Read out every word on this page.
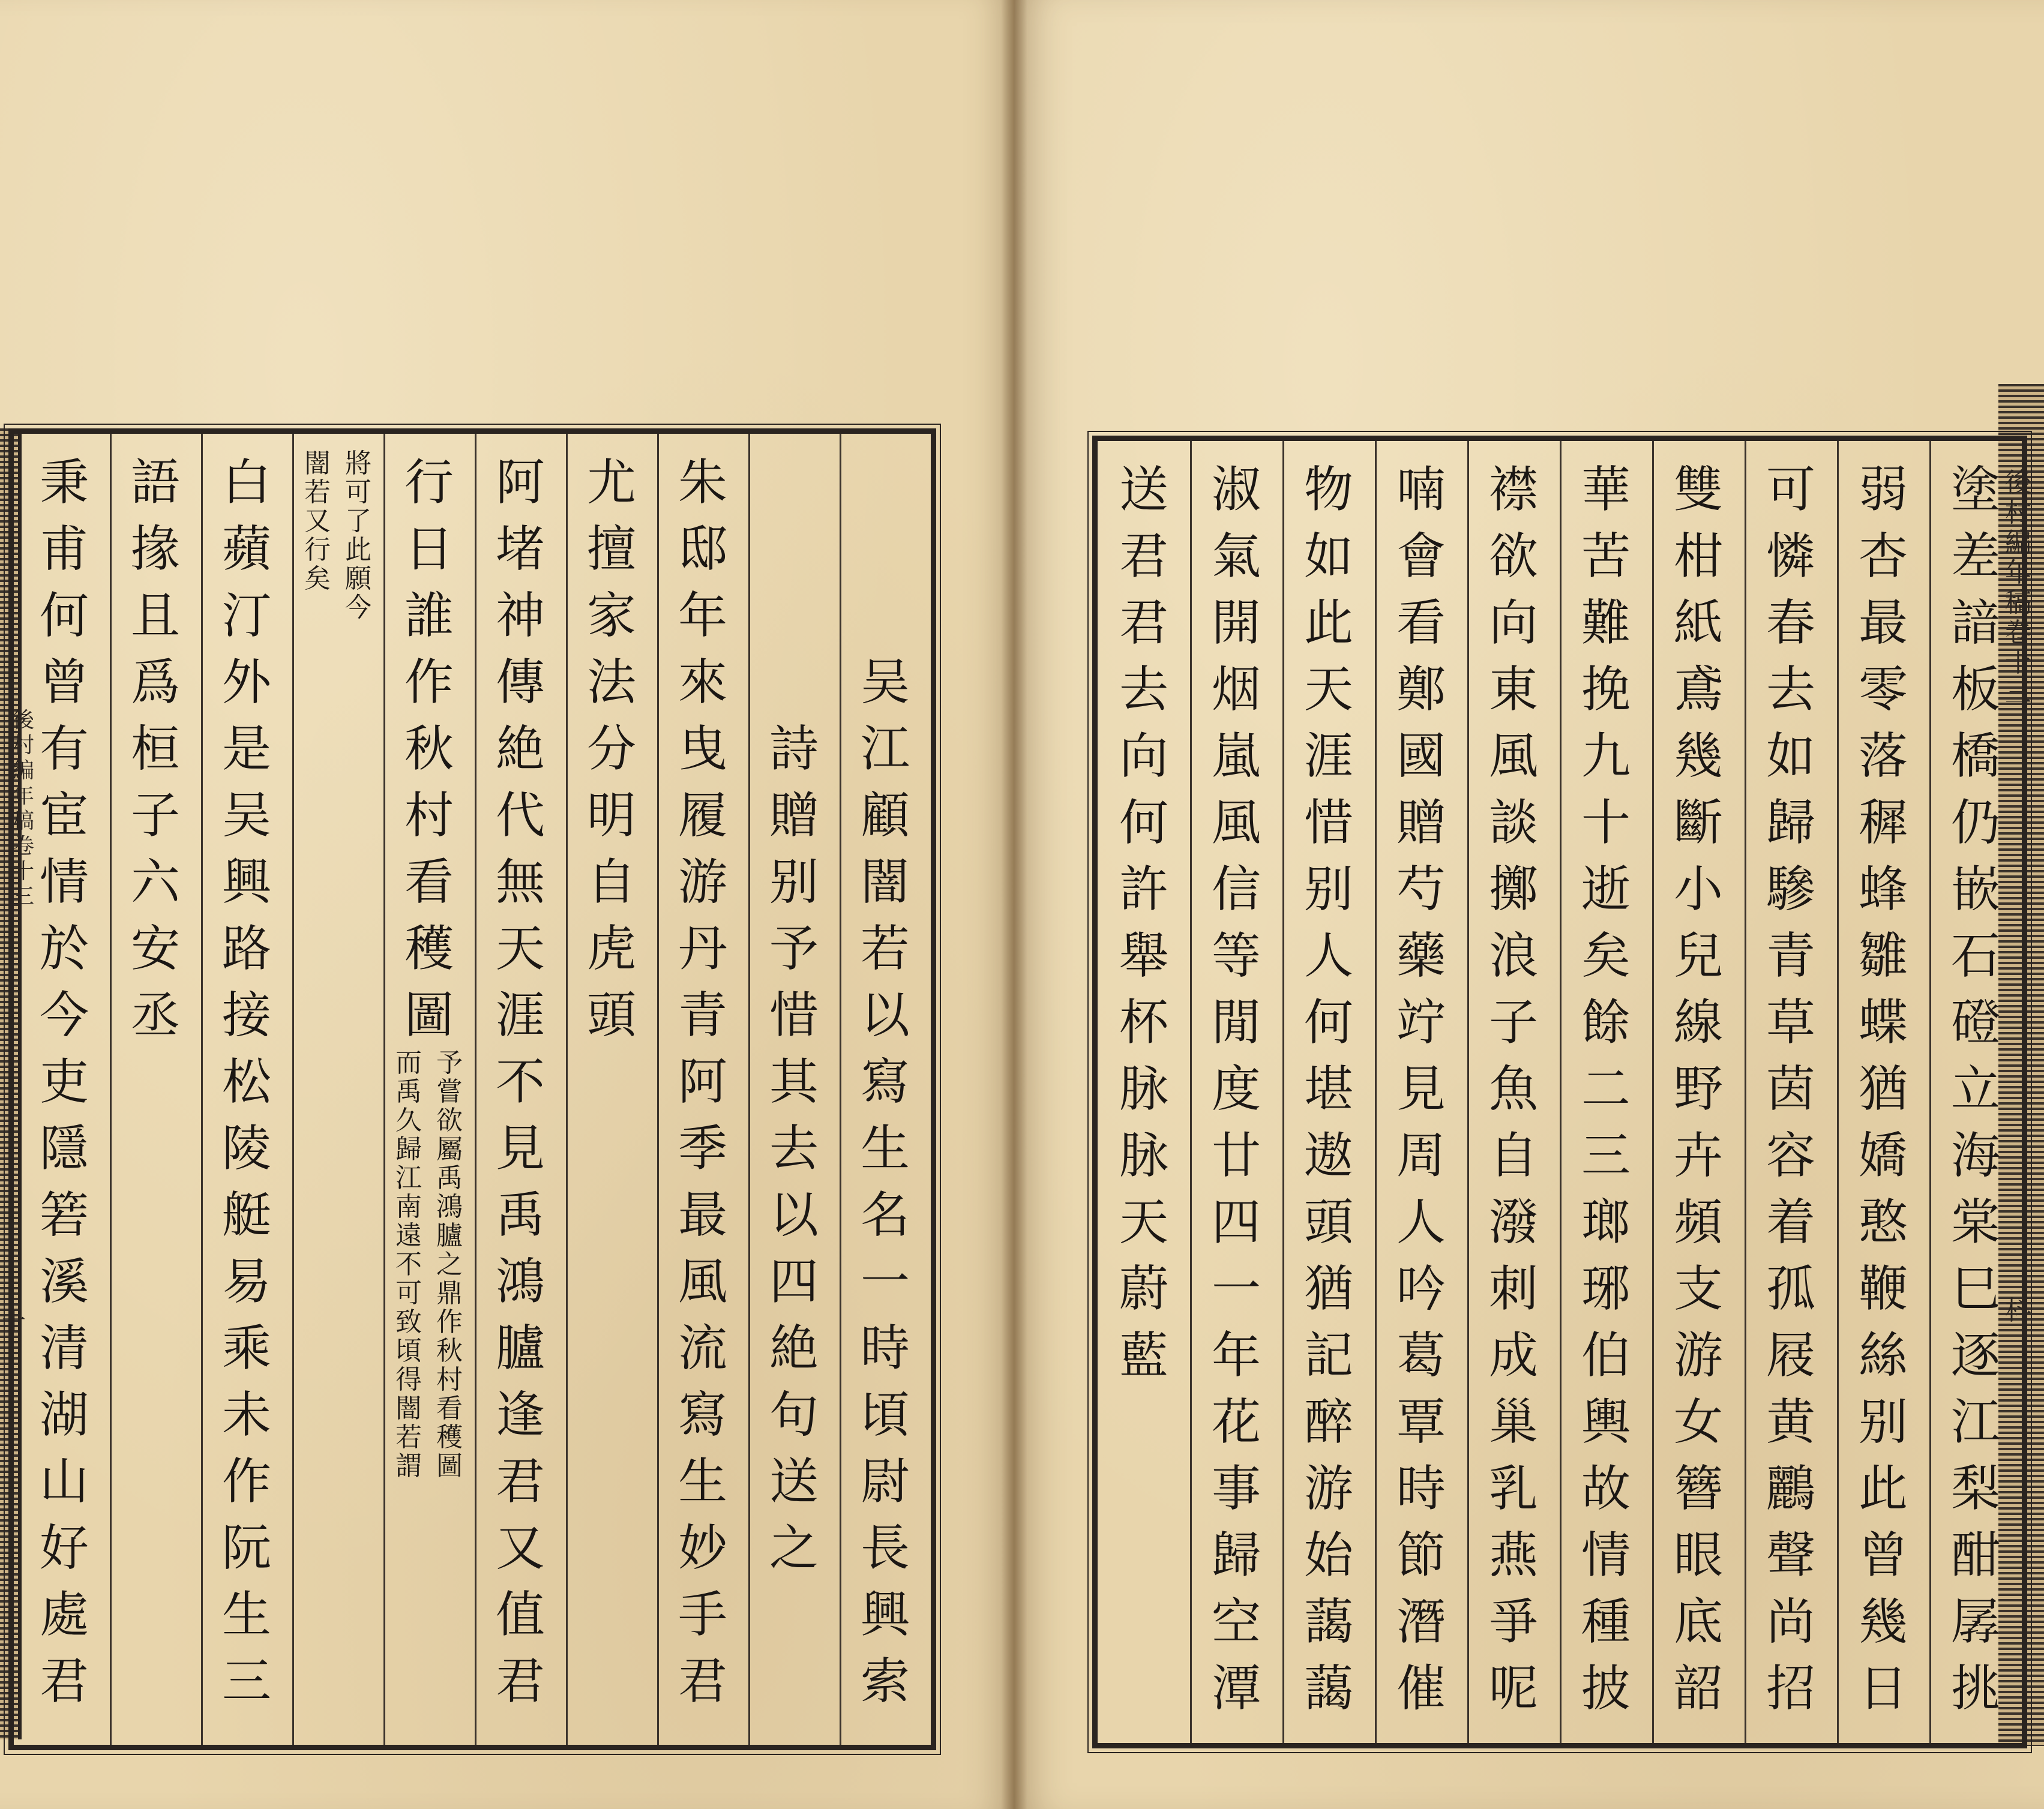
吴
江
顧
闇
若
以
寫
生
名
一
時
頃
尉
長
興
索
詩
贈
别
予
惜
其
去
以
四
絶
句
送
之
朱
邸
年
來
曳
履
游
丹
青
阿
季
最
風
流
寫
生
妙
手
君
尤
擅
家
法
分
明
自
虎
頭
阿
堵
神
傳
絶
代
無
天
涯
不
見
禹
鴻
臚
逢
君
又
值
君
行
日
誰
作
秋
村
看
穫
圖
予
嘗
欲
屬
禹
鴻
臚
之
鼎
作
秋
村
看
穫
圖
而
禹
久
歸
江
南
遠
不
可
致
頃
得
闇
若
謂
將
可
了
此
願
今
闇
若
又
行
矣
白
蘋
汀
外
是
吴
興
路
接
松
陵
艇
易
乘
未
作
阮
生
三
語
掾
且
爲
桓
子
六
安
丞
秉
甫
何
曾
有
宦
情
於
今
吏
隱
箬
溪
清
湖
山
好
處
君
塗
差
諳
板
橋
仍
嵌
石
磴
立
海
棠
巳
逐
江
梨
酣
孱
挑
弱
杏
最
零
落
穉
蜂
雛
蝶
猶
嬌
憨
鞭
絲
别
此
曾
幾
日
可
憐
春
去
如
歸
驂
青
草
茵
容
着
孤
屐
黄
鸝
聲
尚
招
雙
柑
紙
鳶
幾
斷
小
兒
線
野
卉
頻
支
游
女
簪
眼
底
韶
華
苦
難
挽
九
十
逝
矣
餘
二
三
瑯
琊
伯
輿
故
情
種
披
襟
欲
向
東
風
談
擲
浪
子
魚
自
潑
刺
成
巢
乳
燕
爭
呢
喃
會
看
鄭
國
贈
芍
藥
竚
見
周
人
吟
葛
覃
時
節
潛
催
物
如
此
天
涯
惜
别
人
何
堪
遨
頭
猶
記
醉
游
始
藹
藹
淑
氣
開
烟
嵐
風
信
等
閒
度
廿
四
一
年
花
事
歸
空
潭
送
君
君
去
向
何
許
舉
杯
脉
脉
天
蔚
藍
後
村
編
年
稿
卷
十
三
十
後
村
編
年
稿
卷
十
三
枓
